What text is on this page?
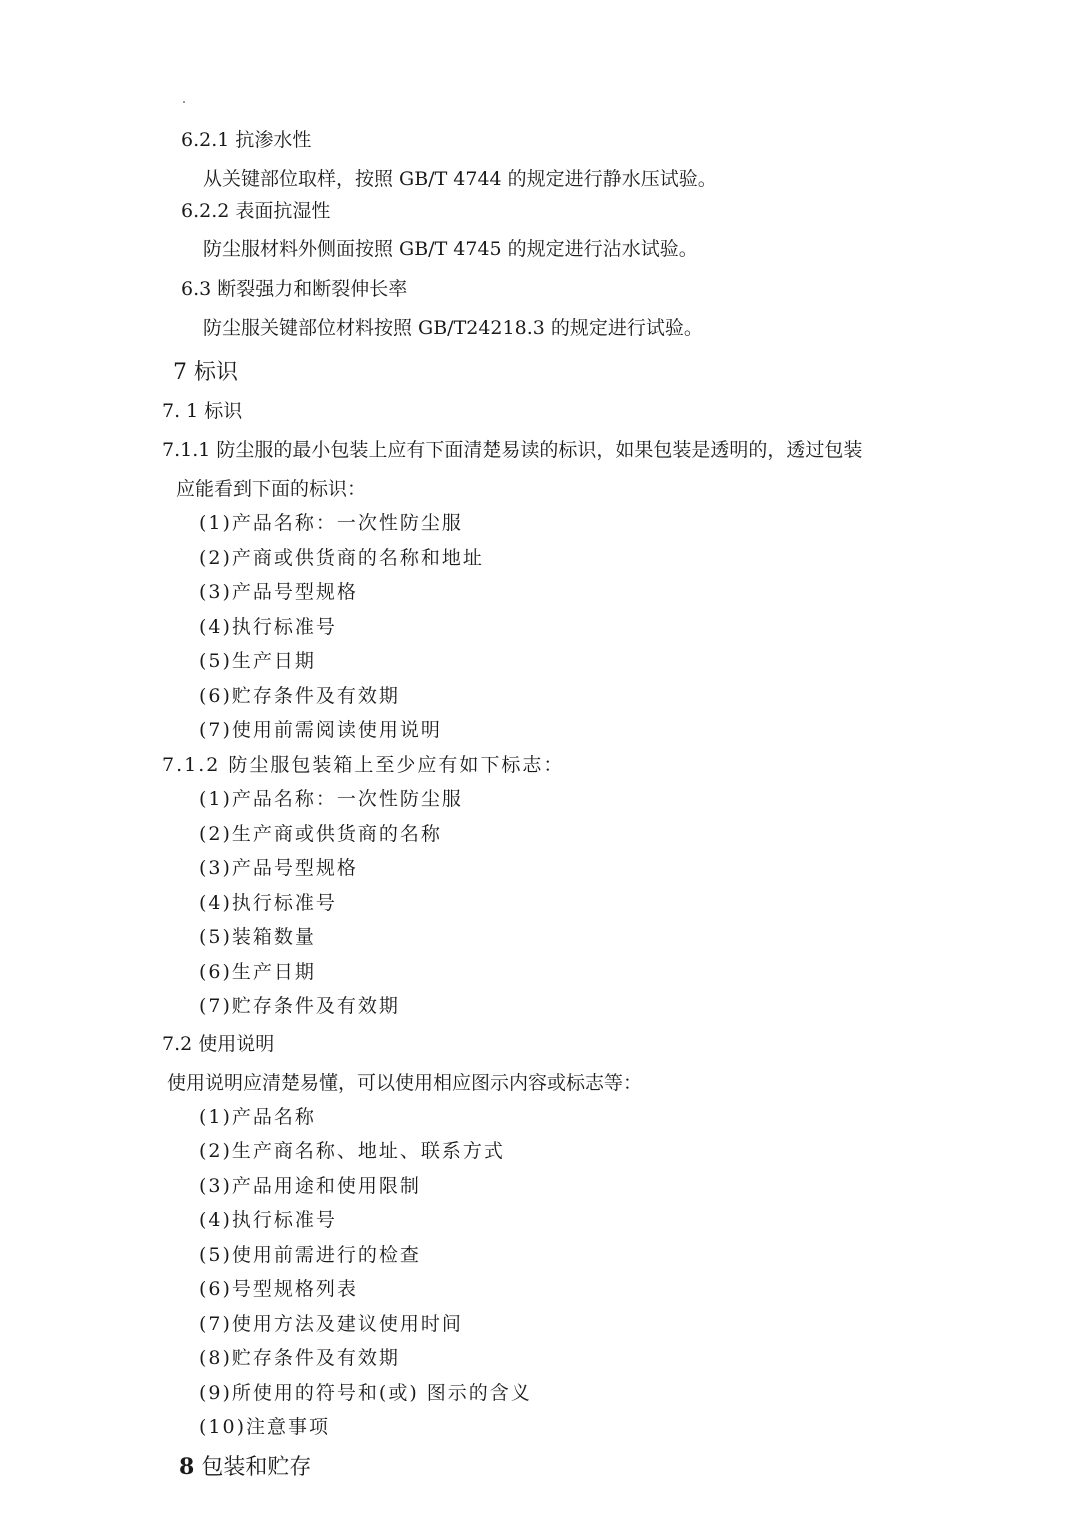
6.2.1 抗渗水性
从关键部位取样，按照 GB/T 4744 的规定进行静水压试验。
6.2.2 表面抗湿性
防尘服材料外侧面按照 GB/T 4745 的规定进行沾水试验。
6.3 断裂强力和断裂伸长率
防尘服关键部位材料按照 GB/T24218.3 的规定进行试验。
7 标识
7. 1 标识
7.1.1 防尘服的最小包装上应有下面清楚易读的标识，如果包装是透明的，透过包装
应能看到下面的标识：
(1)产品名称：一次性防尘服
(2)产商或供货商的名称和地址
(3)产品号型规格
(4)执行标准号
(5)生产日期
(6)贮存条件及有效期
(7)使用前需阅读使用说明
7.1.2 防尘服包装箱上至少应有如下标志：
(1)产品名称：一次性防尘服
(2)生产商或供货商的名称
(3)产品号型规格
(4)执行标准号
(5)装箱数量
(6)生产日期
(7)贮存条件及有效期
7.2 使用说明
使用说明应清楚易懂，可以使用相应图示内容或标志等：
(1)产品名称
(2)生产商名称、地址、联系方式
(3)产品用途和使用限制
(4)执行标准号
(5)使用前需进行的检查
(6)号型规格列表
(7)使用方法及建议使用时间
(8)贮存条件及有效期
(9)所使用的符号和(或) 图示的含义
(10)注意事项
8 包装和贮存
